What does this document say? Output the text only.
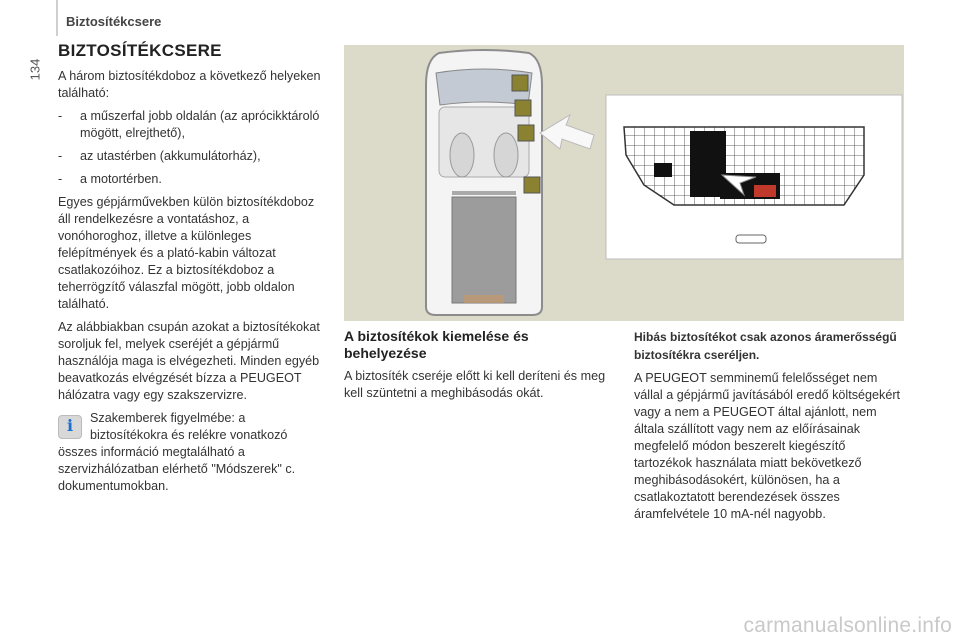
Biztosítékcsere
134
BIZTOSÍTÉKCSERE

A három biztosítékdoboz a következő helyeken található:

- a műszerfal jobb oldalán (az aprócikktároló mögött, elrejthető),
- az utastérben (akkumulátorház),
- a motortérben.

Egyes gépjárművekben külön biztosítékdoboz áll rendelkezésre a vontatáshoz, a vonóhoroghoz, illetve a különleges felépítmények és a plató-kabin változat csatlakozóihoz. Ez a biztosítékdoboz a teherrögzítő válaszfal mögött, jobb oldalon található.

Az alábbiakban csupán azokat a biztosítékokat soroljuk fel, melyek cseréjét a gépjármű használója maga is elvégezheti. Minden egyéb beavatkozás elvégzését bízza a PEUGEOT hálózatra vagy egy szakszervizre.

i	Szakemberek figyelmébe: a
biztosítékokra és relékre vonatkozó
összes információ megtalálható a szervizhálózatban elérhető "Módszerek" c. dokumentumokban.
A biztosítékok kiemelése és behelyezése
A biztosíték cseréje előtt ki kell deríteni és meg kell szüntetni a meghibásodás okát.

Hibás biztosítékot csak azonos áramerősségű biztosítékra cseréljen.

A PEUGEOT semminemű felelősséget nem vállal a gépjármű javításából eredő költségekért vagy a nem a PEUGEOT által ajánlott, nem általa szállított vagy nem az előírásainak megfelelő módon beszerelt kiegészítő tartozékok használata miatt bekövetkező meghibásodásokért, különösen, ha a csatlakoztatott berendezések összes áramfelvétele 10 mA-nél nagyobb.

carmanualsonline.info
